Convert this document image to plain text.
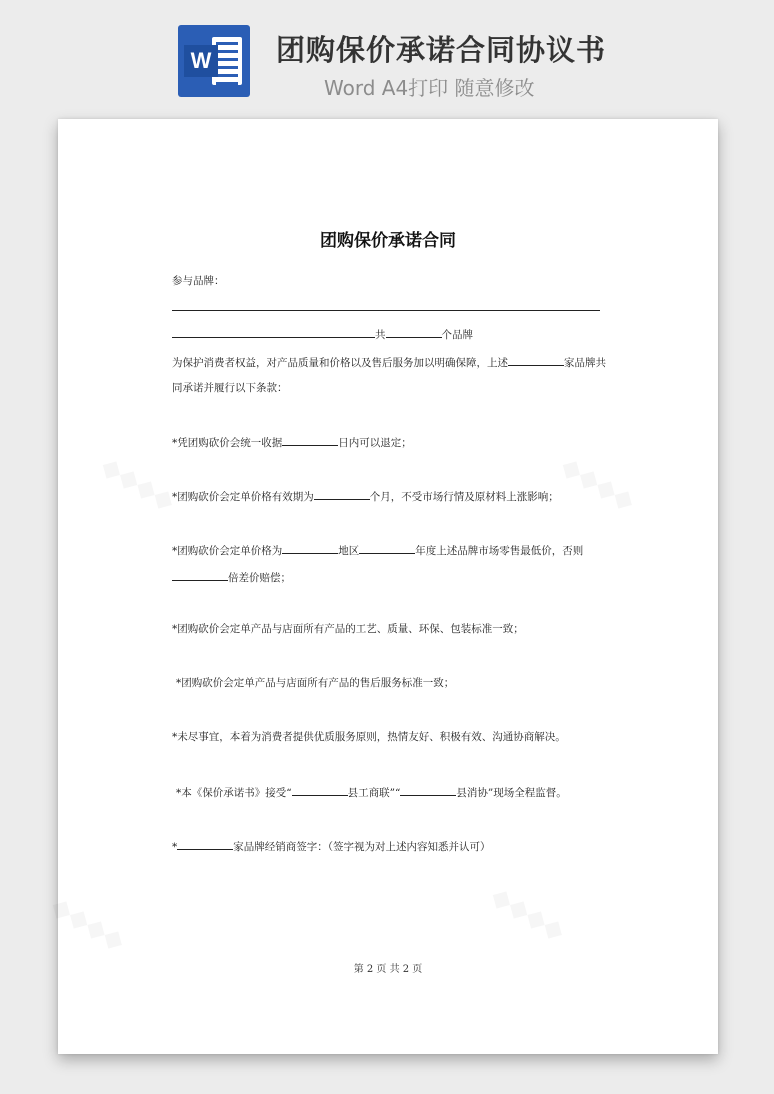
W 团购保价承诺合同协议书
Word A4打印 随意修改
团购保价承诺合同
参与品牌：
共	个品牌
为保护消费者权益，对产品质量和价格以及售后服务加以明确保障，上述	家品牌共
同承诺并履行以下条款：
*凭团购砍价会统一收据	日内可以退定；
*团购砍价会定单价格有效期为	个月，不受市场行情及原材料上涨影响；
*团购砍价会定单价格为	地区	年度上述品牌市场零售最低价，否则
倍差价赔偿；
*团购砍价会定单产品与店面所有产品的工艺、质量、环保、包装标准一致；
*团购砍价会定单产品与店面所有产品的售后服务标准一致；
*未尽事宜，本着为消费者提供优质服务原则，热情友好、积极有效、沟通协商解决。
*本《保价承诺书》接受“	县工商联”“	县消协”现场全程监督。
*	家品牌经销商签字：（签字视为对上述内容知悉并认可）
第 2 页 共 2 页
